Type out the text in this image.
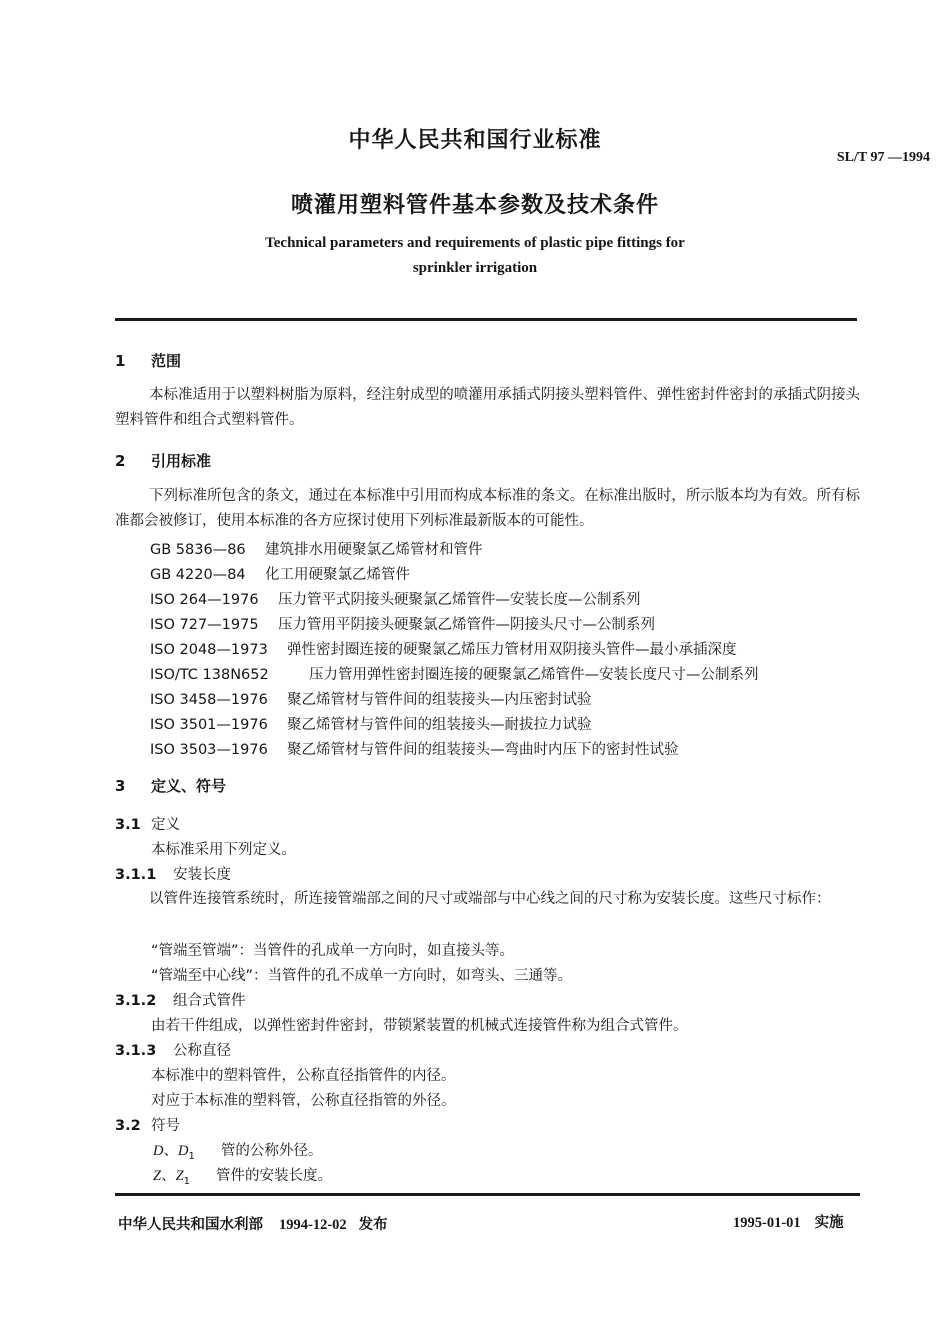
中华人民共和国行业标准
SL/T 97 —1994
喷灌用塑料管件基本参数及技术条件
Technical parameters and requirements of plastic pipe fittings for
sprinkler irrigation
1 范围
本标准适用于以塑料树脂为原料，经注射成型的喷灌用承插式阴接头塑料管件、弹性密封件密封的承插式阴接头塑料管件和组合式塑料管件。
2 引用标准
下列标准所包含的条文，通过在本标准中引用而构成本标准的条文。在标准出版时，所示版本均为有效。所有标准都会被修订，使用本标准的各方应探讨使用下列标准最新版本的可能性。
GB 5836—86 建筑排水用硬聚氯乙烯管材和管件
GB 4220—84 化工用硬聚氯乙烯管件
ISO 264—1976 压力管平式阴接头硬聚氯乙烯管件—安装长度—公制系列
ISO 727—1975 压力管用平阴接头硬聚氯乙烯管件—阴接头尺寸—公制系列
ISO 2048—1973 弹性密封圈连接的硬聚氯乙烯压力管材用双阴接头管件—最小承插深度
ISO/TC 138N652	压力管用弹性密封圈连接的硬聚氯乙烯管件—安装长度尺寸—公制系列
ISO 3458—1976 聚乙烯管材与管件间的组装接头—内压密封试验
ISO 3501—1976 聚乙烯管材与管件间的组装接头—耐拔拉力试验
ISO 3503—1976 聚乙烯管材与管件间的组装接头—弯曲时内压下的密封性试验
3 定义、符号
3.1 定义
本标准采用下列定义。
3.1.1 安装长度
以管件连接管系统时，所连接管端部之间的尺寸或端部与中心线之间的尺寸称为安装长度。这些尺寸标作：
“管端至管端”：当管件的孔成单一方向时，如直接头等。
“管端至中心线”：当管件的孔不成单一方向时，如弯头、三通等。
3.1.2 组合式管件
由若干件组成，以弹性密封件密封，带锁紧装置的机械式连接管件称为组合式管件。
3.1.3 公称直径
本标准中的塑料管件，公称直径指管件的内径。
对应于本标准的塑料管，公称直径指管的外径。
3.2 符号
D、$D_1$ 管的公称外径。
Z、$Z_1$ 管件的安装长度。
中华人民共和国水利部 1994-12-02 发布	1995-01-01 实施
